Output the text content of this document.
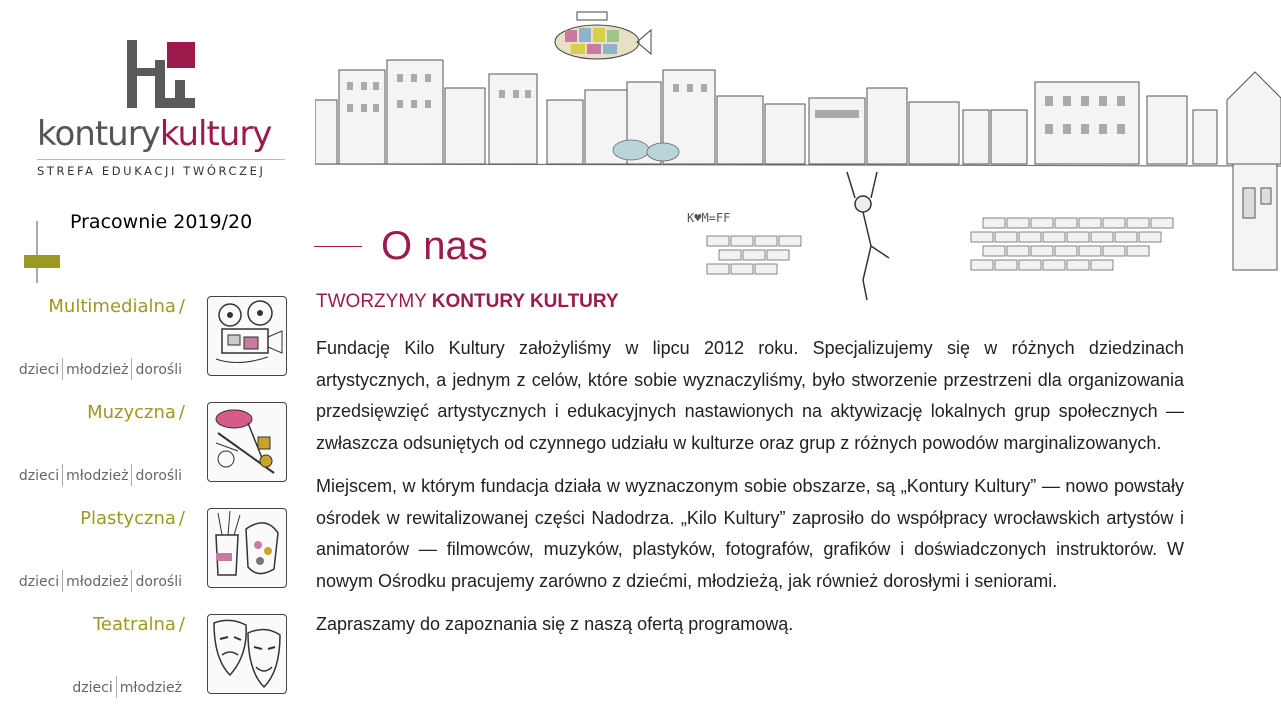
konturykultury
STREFA EDUKACJI TWÓRCZEJ
Pracownie 2019/20
Multimedialna /
dzieci młodzież dorośli
Muzyczna /
dzieci młodzież dorośli
Plastyczna /
dzieci młodzież dorośli
Teatralna /
dzieci młodzież
K♥M=FF
O nas
TWORZYMY KONTURY KULTURY

Fundację Kilo Kultury założyliśmy w lipcu 2012 roku. Specjalizujemy się w różnych dziedzinach artystycznych, a jednym z celów, które sobie wyznaczyliśmy, było stworzenie przestrzeni dla organizowania przedsięwzięć artystycznych i edukacyjnych nastawionych na aktywizację lokalnych grup społecznych — zwłaszcza odsuniętych od czynnego udziału w kulturze oraz grup z różnych powodów marginalizowanych.

Miejscem, w którym fundacja działa w wyznaczonym sobie obszarze, są „Kontury Kultury” — nowo powstały ośrodek w rewitalizowanej części Nadodrza. „Kilo Kultury” zaprosiło do współpracy wrocławskich artystów i animatorów — filmowców, muzyków, plastyków, fotografów, grafików i doświadczonych instruktorów. W nowym Ośrodku pracujemy zarówno z dziećmi, młodzieżą, jak również dorosłymi i seniorami.

Zapraszamy do zapoznania się z naszą ofertą programową.
